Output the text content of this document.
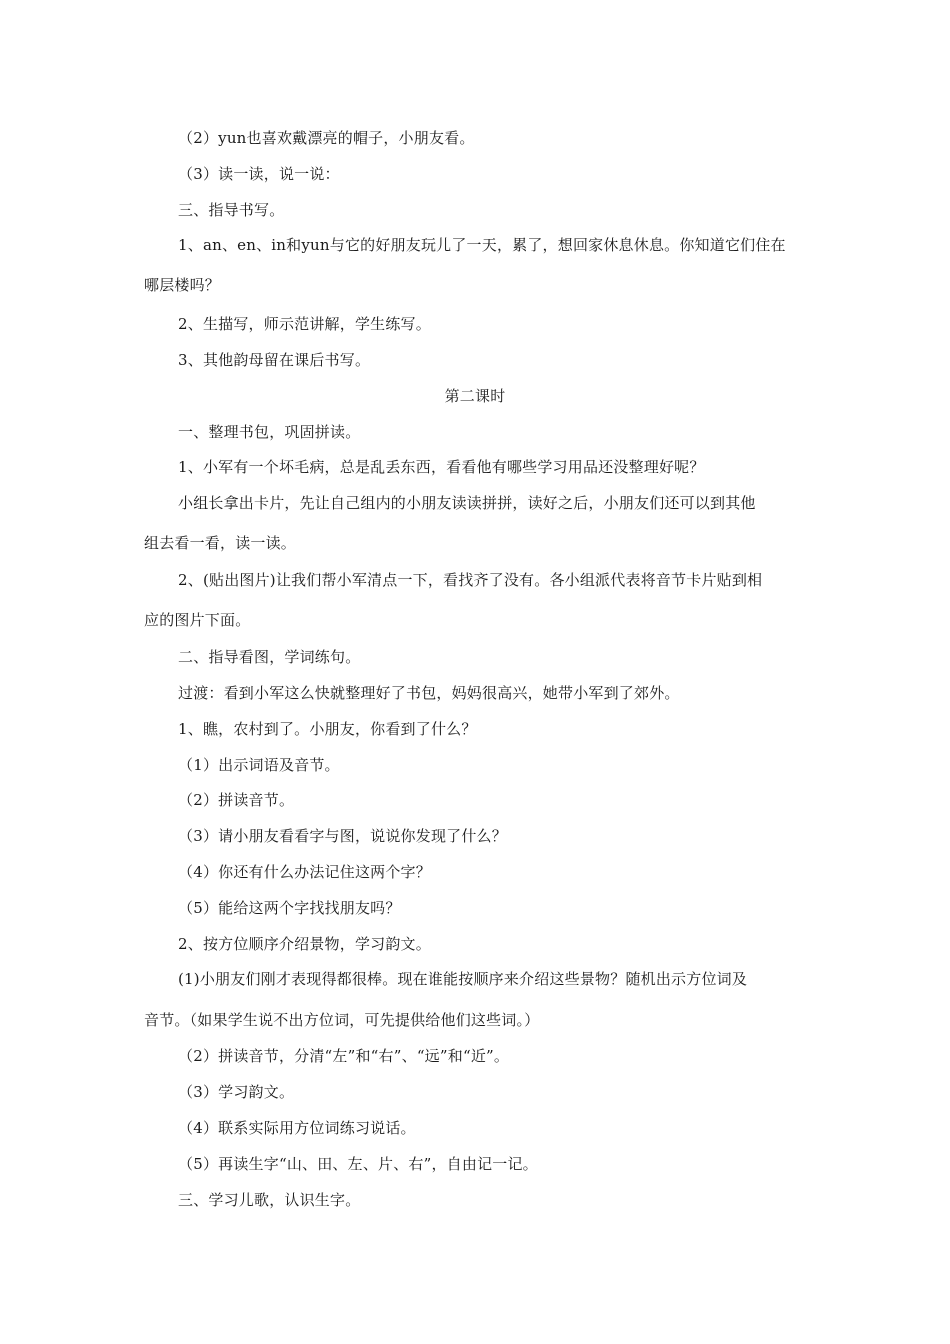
（2）yun也喜欢戴漂亮的帽子，小朋友看。
（3）读一读，说一说：
三、指导书写。
1、an、en、in和yun与它的好朋友玩儿了一天，累了，想回家休息休息。你知道它们住在
哪层楼吗？
2、生描写，师示范讲解，学生练写。
3、其他韵母留在课后书写。
第二课时
一、整理书包，巩固拼读。
1、小军有一个坏毛病，总是乱丢东西，看看他有哪些学习用品还没整理好呢？
小组长拿出卡片，先让自己组内的小朋友读读拼拼，读好之后，小朋友们还可以到其他
组去看一看，读一读。
2、(贴出图片)让我们帮小军清点一下，看找齐了没有。各小组派代表将音节卡片贴到相
应的图片下面。
二、指导看图，学词练句。
过渡：看到小军这么快就整理好了书包，妈妈很高兴，她带小军到了郊外。
1、瞧，农村到了。小朋友，你看到了什么？
（1）出示词语及音节。
（2）拼读音节。
（3）请小朋友看看字与图，说说你发现了什么？
（4）你还有什么办法记住这两个字？
（5）能给这两个字找找朋友吗？
2、按方位顺序介绍景物，学习韵文。
(1)小朋友们刚才表现得都很棒。现在谁能按顺序来介绍这些景物？随机出示方位词及
音节。（如果学生说不出方位词，可先提供给他们这些词。）
（2）拼读音节，分清“左”和“右”、“远”和“近”。
（3）学习韵文。
（4）联系实际用方位词练习说话。
（5）再读生字“山、田、左、片、右”，自由记一记。
三、学习儿歌，认识生字。
